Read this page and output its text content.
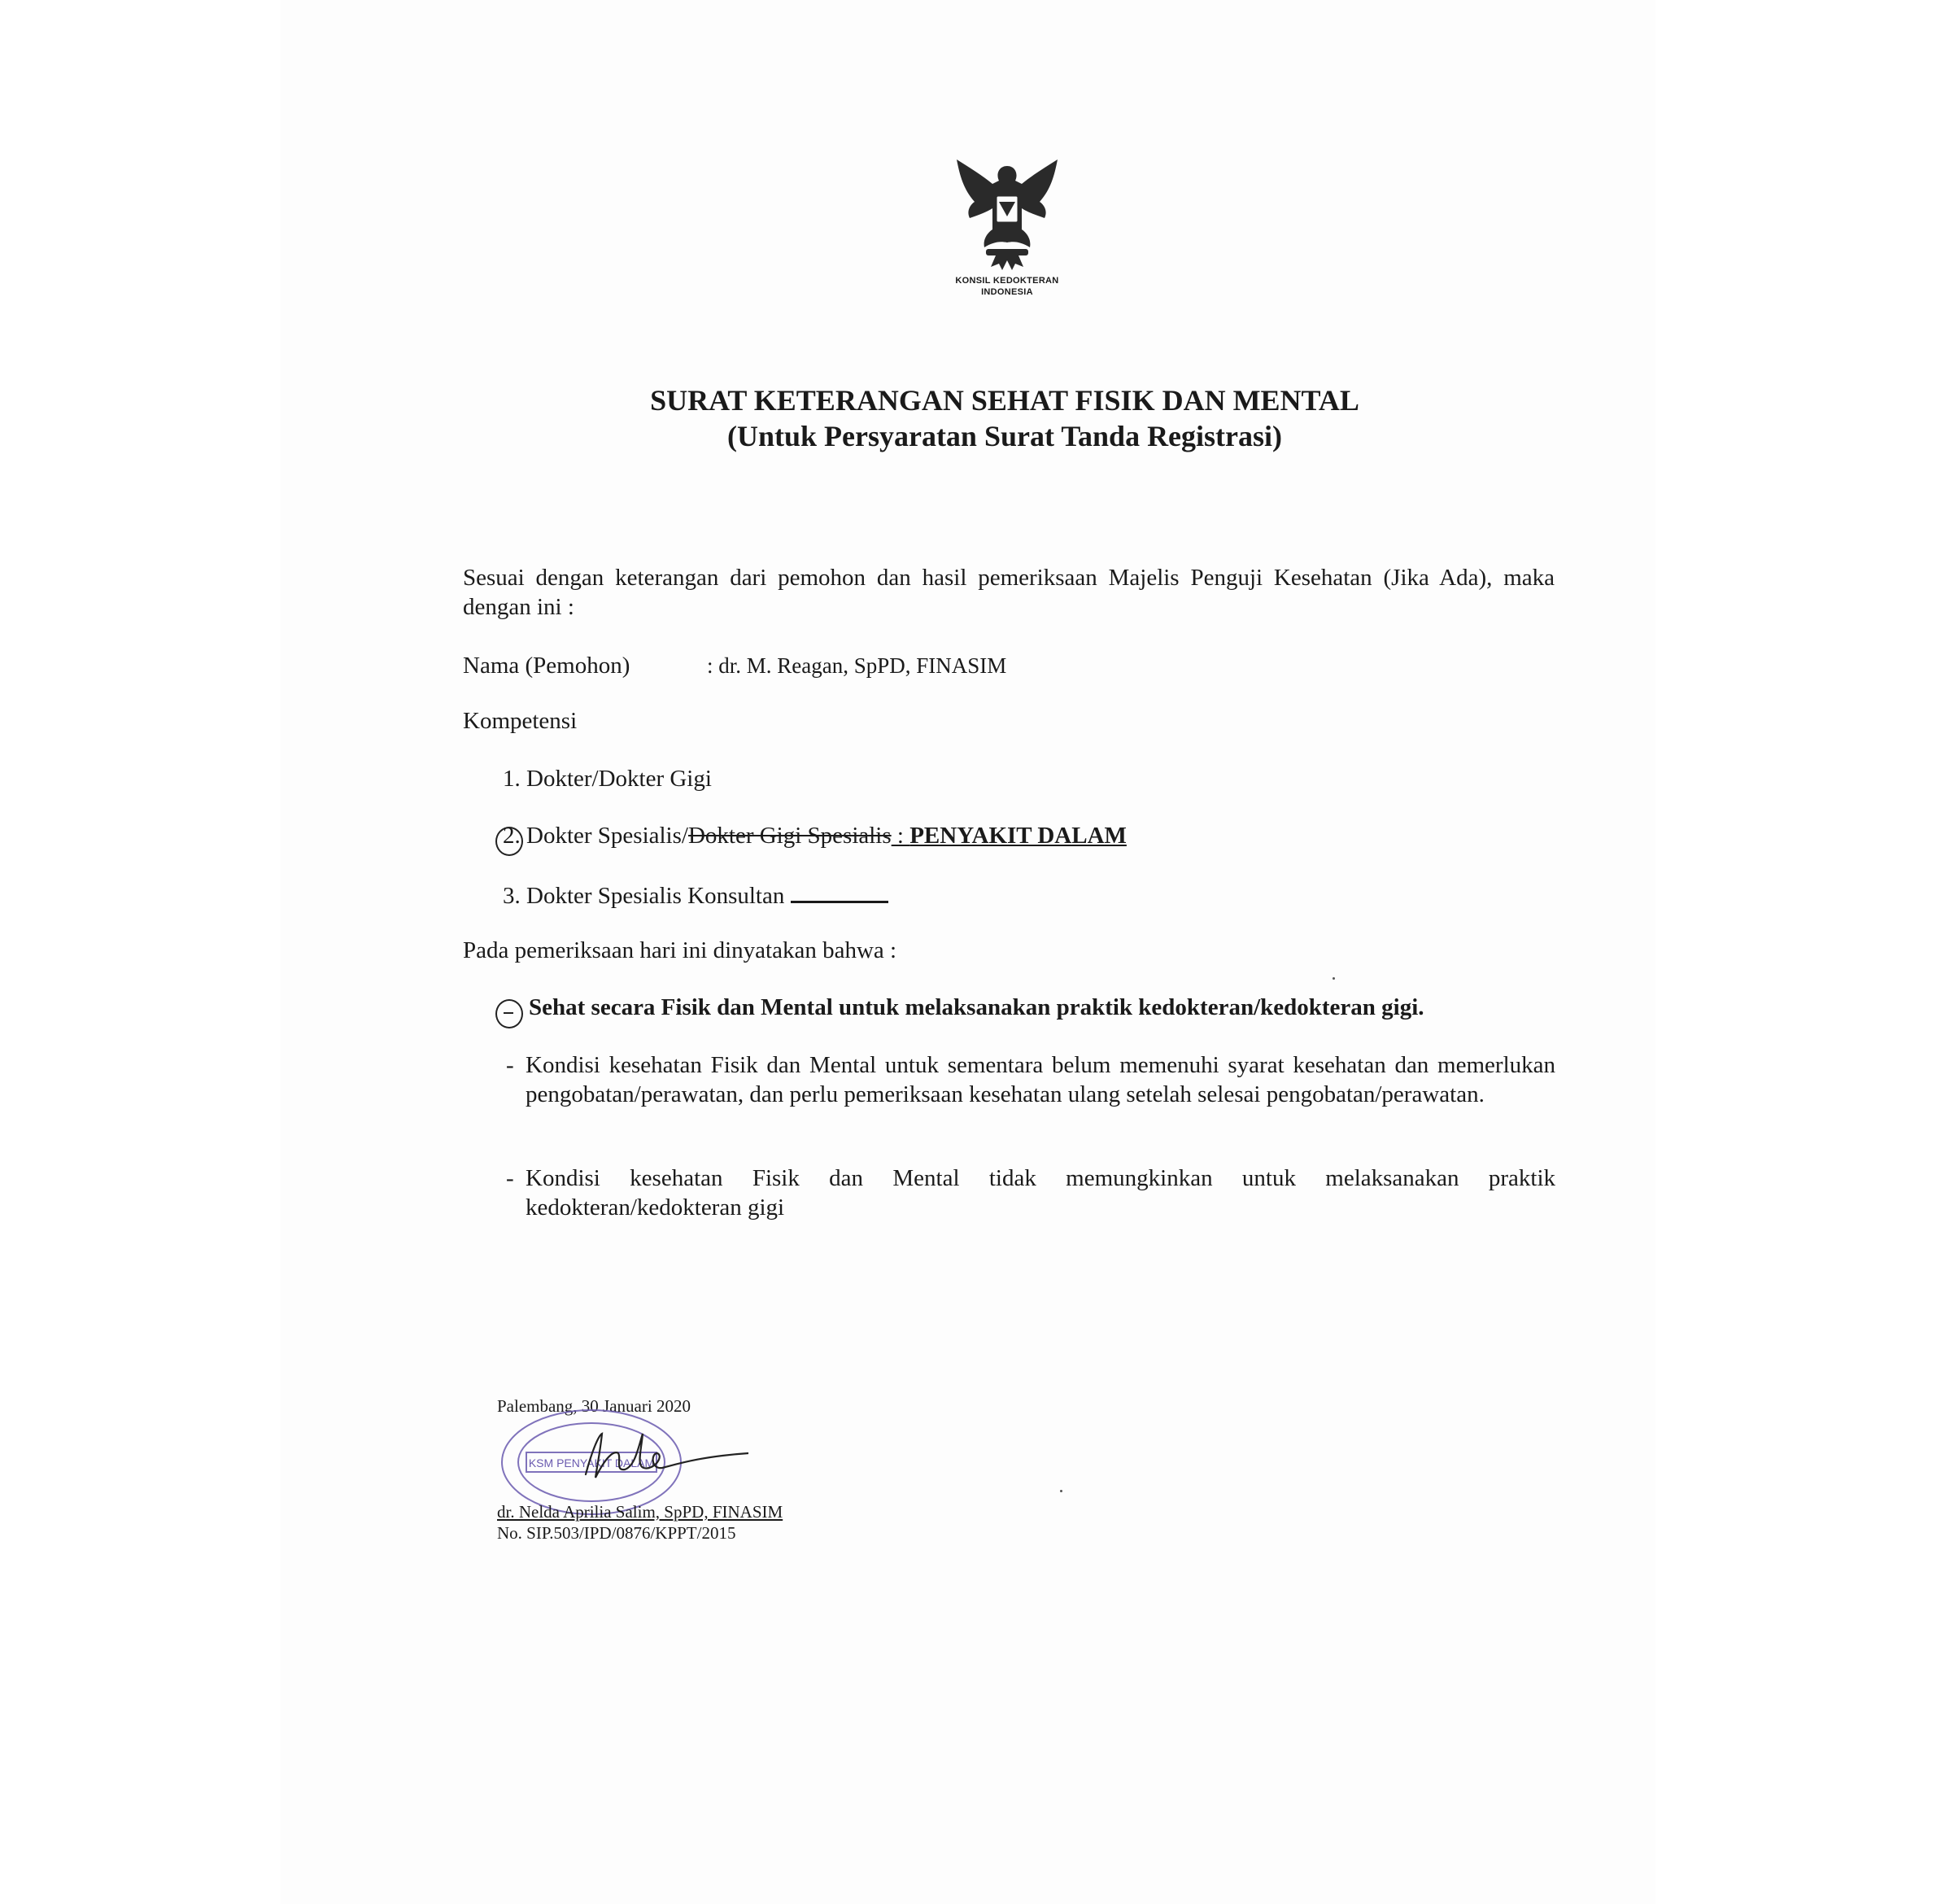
KONSIL KEDOKTERAN
INDONESIA
SURAT KETERANGAN SEHAT FISIK DAN MENTAL
(Untuk Persyaratan Surat Tanda Registrasi)
Sesuai dengan keterangan dari pemohon dan hasil pemeriksaan Majelis Penguji Kesehatan (Jika Ada), maka dengan ini :
Nama (Pemohon)	: dr. M. Reagan, SpPD, FINASIM
Kompetensi
1. Dokter/Dokter Gigi
2. Dokter Spesialis/Dokter Gigi Spesialis : PENYAKIT DALAM
3. Dokter Spesialis Konsultan
Pada pemeriksaan hari ini dinyatakan bahwa :
Sehat secara Fisik dan Mental untuk melaksanakan praktik kedokteran/kedokteran gigi.
- Kondisi kesehatan Fisik dan Mental untuk sementara belum memenuhi syarat kesehatan dan memerlukan pengobatan/perawatan, dan perlu pemeriksaan kesehatan ulang setelah selesai pengobatan/perawatan.
- Kondisi kesehatan Fisik dan Mental tidak memungkinkan untuk melaksanakan praktik kedokteran/kedokteran gigi
Palembang, 30 Januari 2020
KSM PENYAKIT DALAM
dr. Nelda Aprilia Salim, SpPD, FINASIM
No. SIP.503/IPD/0876/KPPT/2015
